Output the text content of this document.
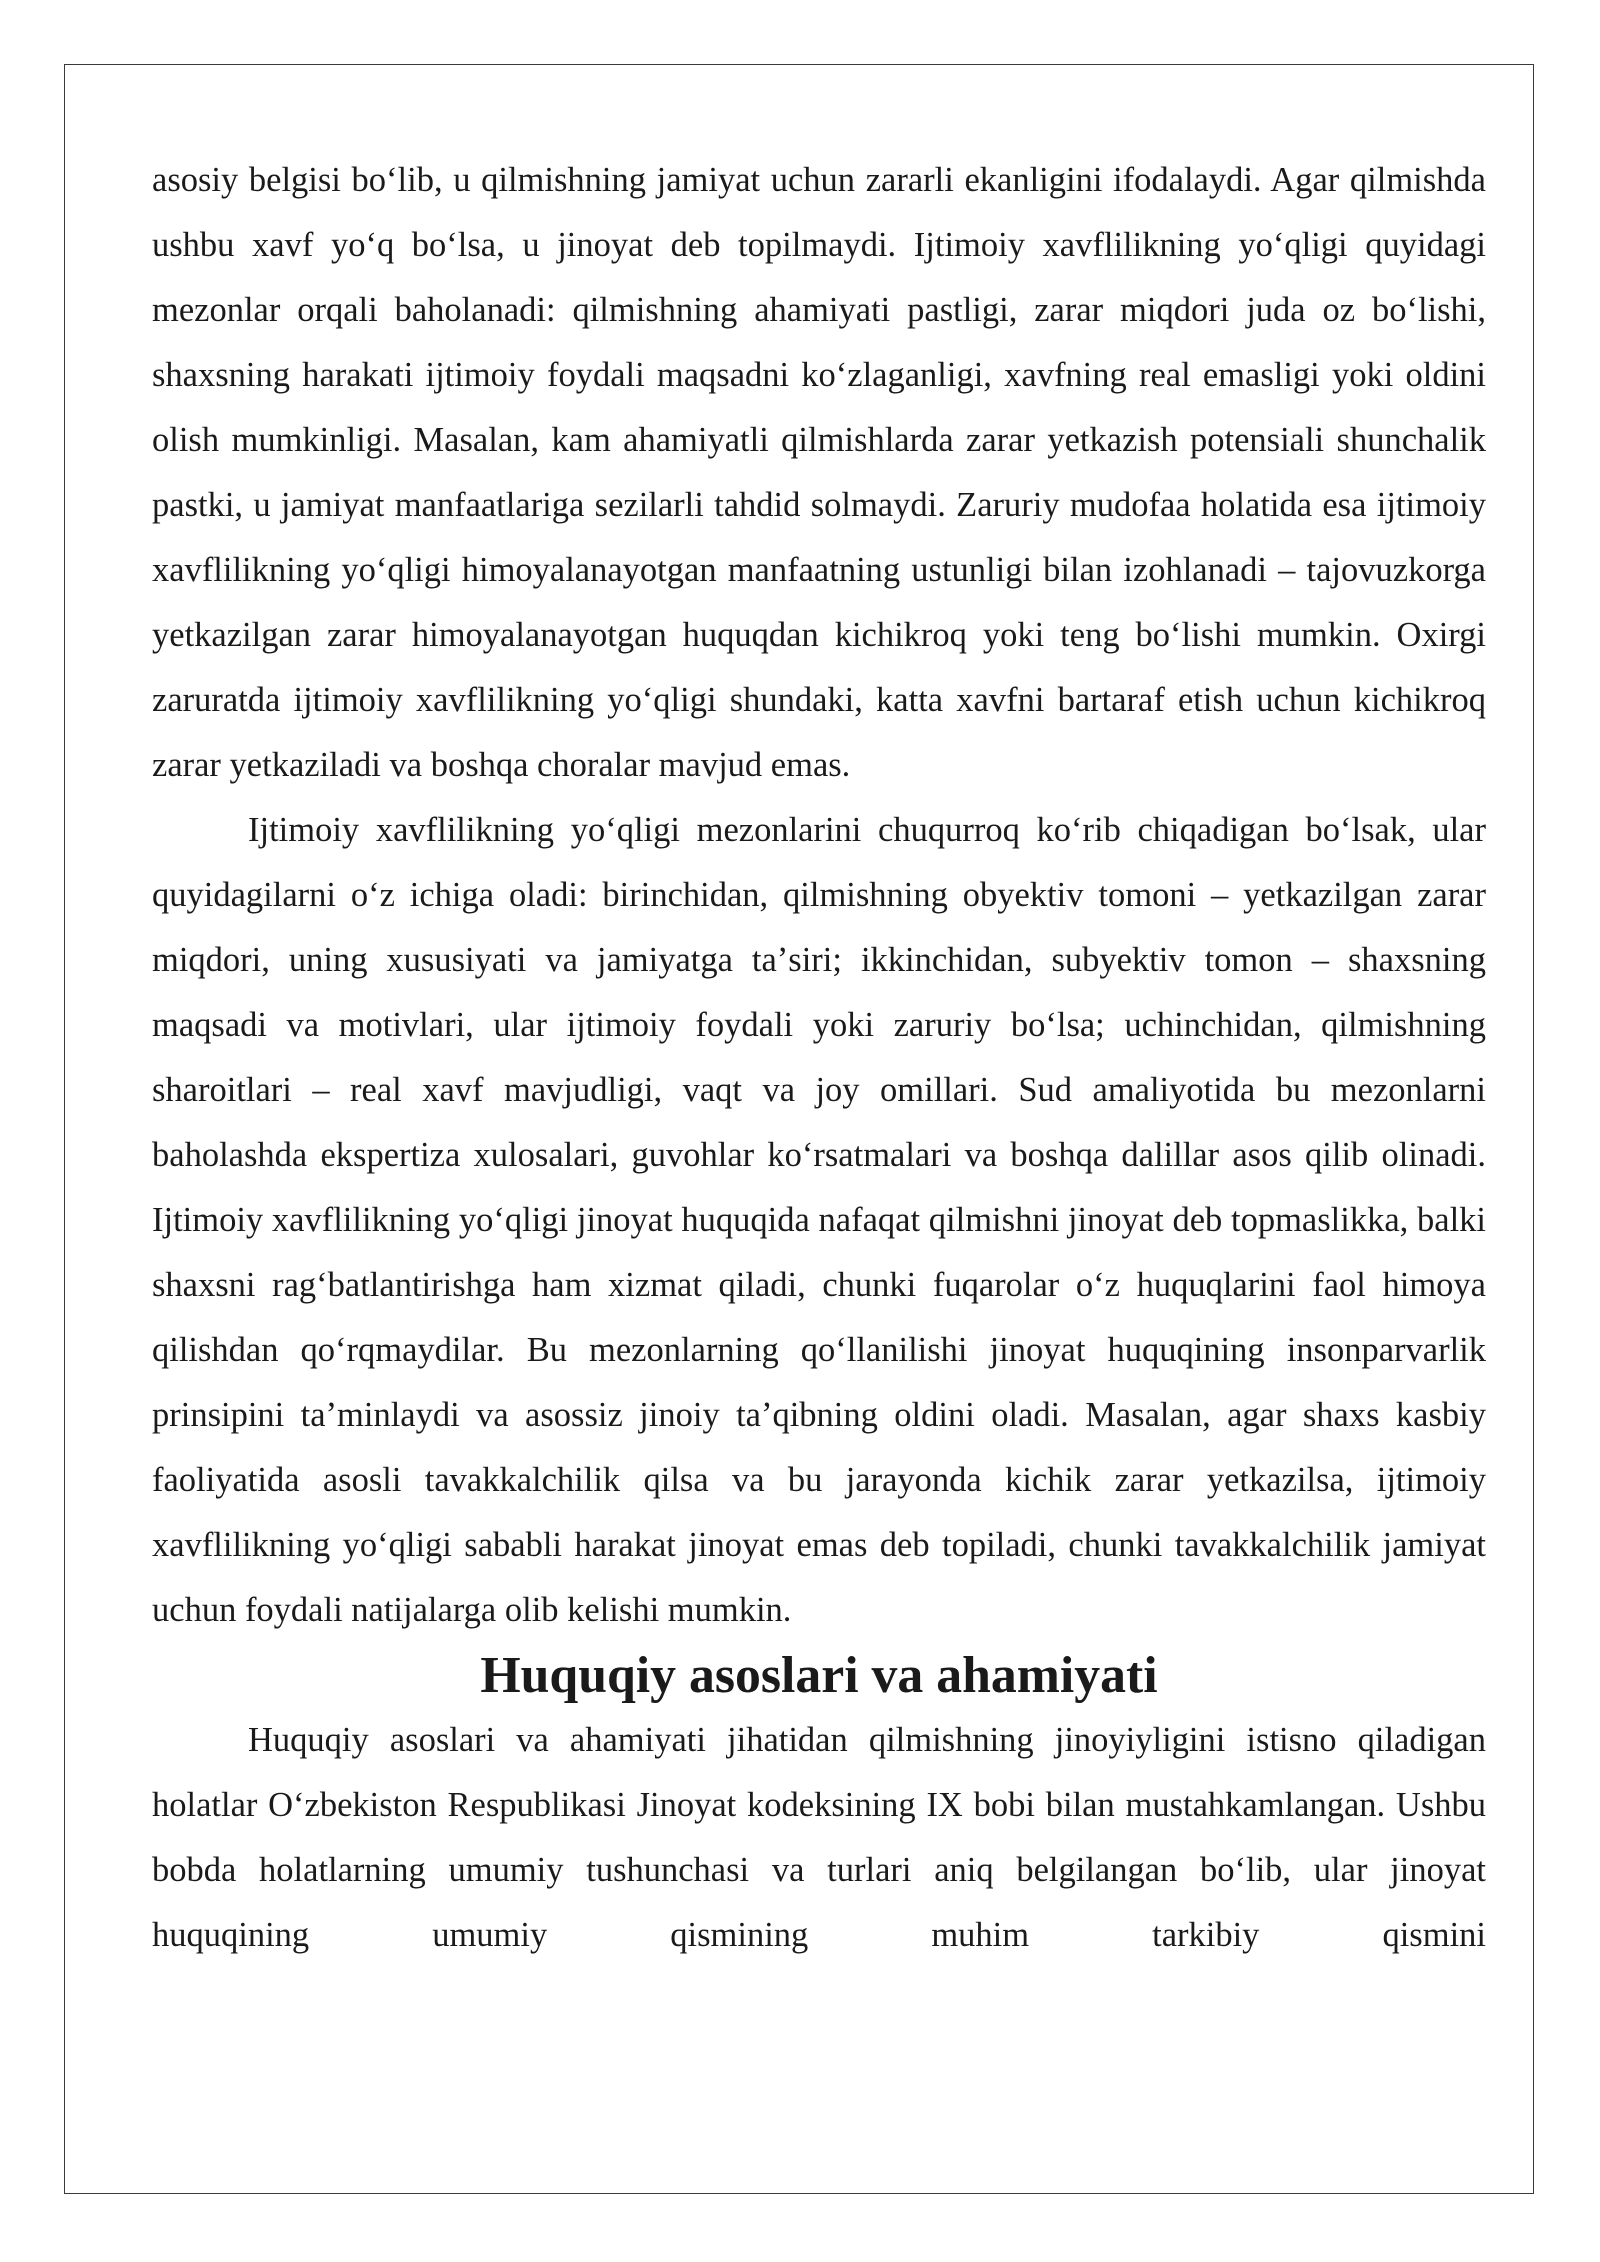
asosiy belgisi boʻlib, u qilmishning jamiyat uchun zararli ekanligini ifodalaydi. Agar qilmishda ushbu xavf yoʻq boʻlsa, u jinoyat deb topilmaydi. Ijtimoiy xavflilikning yoʻqligi quyidagi mezonlar orqali baholanadi: qilmishning ahamiyati pastligi, zarar miqdori juda oz boʻlishi, shaxsning harakati ijtimoiy foydali maqsadni koʻzlaganligi, xavfning real emasligi yoki oldini olish mumkinligi. Masalan, kam ahamiyatli qilmishlarda zarar yetkazish potensiali shunchalik pastki, u jamiyat manfaatlariga sezilarli tahdid solmaydi. Zaruriy mudofaa holatida esa ijtimoiy xavflilikning yoʻqligi himoyalanayotgan manfaatning ustunligi bilan izohlanadi – tajovuzkorga yetkazilgan zarar himoyalanayotgan huquqdan kichikroq yoki teng boʻlishi mumkin. Oxirgi zaruratda ijtimoiy xavflilikning yoʻqligi shundaki, katta xavfni bartaraf etish uchun kichikroq zarar yetkaziladi va boshqa choralar mavjud emas.

Ijtimoiy xavflilikning yoʻqligi mezonlarini chuqurroq koʻrib chiqadigan boʻlsak, ular quyidagilarni oʻz ichiga oladi: birinchidan, qilmishning obyektiv tomoni – yetkazilgan zarar miqdori, uning xususiyati va jamiyatga taʼsiri; ikkinchidan, subyektiv tomon – shaxsning maqsadi va motivlari, ular ijtimoiy foydali yoki zaruriy boʻlsa; uchinchidan, qilmishning sharoitlari – real xavf mavjudligi, vaqt va joy omillari. Sud amaliyotida bu mezonlarni baholashda ekspertiza xulosalari, guvohlar koʻrsatmalari va boshqa dalillar asos qilib olinadi. Ijtimoiy xavflilikning yoʻqligi jinoyat huquqida nafaqat qilmishni jinoyat deb topmaslikka, balki shaxsni ragʻbatlantirishga ham xizmat qiladi, chunki fuqarolar oʻz huquqlarini faol himoya qilishdan qoʻrqmaydilar. Bu mezonlarning qoʻllanilishi jinoyat huquqining insonparvarlik prinsipini taʼminlaydi va asossiz jinoiy taʼqibning oldini oladi. Masalan, agar shaxs kasbiy faoliyatida asosli tavakkalchilik qilsa va bu jarayonda kichik zarar yetkazilsa, ijtimoiy xavflilikning yoʻqligi sababli harakat jinoyat emas deb topiladi, chunki tavakkalchilik jamiyat uchun foydali natijalarga olib kelishi mumkin.

Huquqiy asoslari va ahamiyati

Huquqiy asoslari va ahamiyati jihatidan qilmishning jinoyiyligini istisno qiladigan holatlar Oʻzbekiston Respublikasi Jinoyat kodeksining IX bobi bilan mustahkamlangan. Ushbu bobda holatlarning umumiy tushunchasi va turlari aniq belgilangan boʻlib, ular jinoyat huquqining umumiy qismining muhim tarkibiy qismini
